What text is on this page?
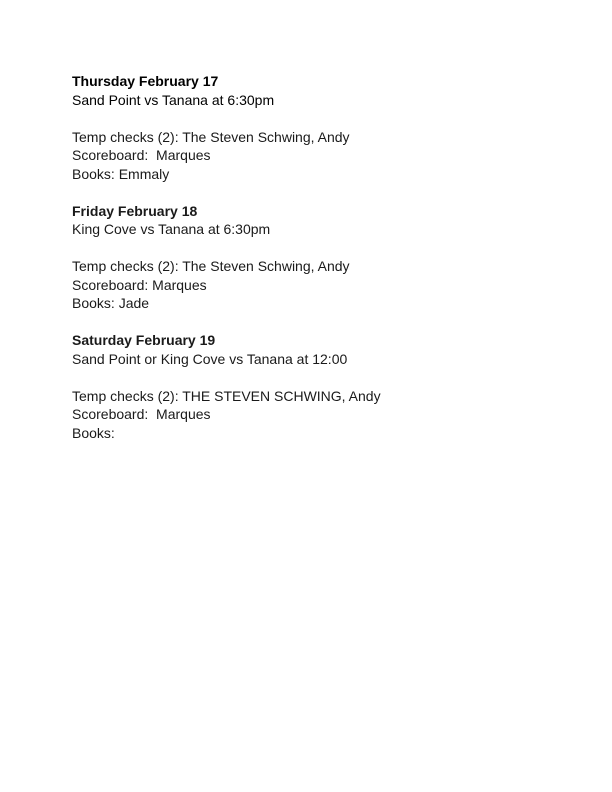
Thursday February 17
Sand Point vs Tanana at 6:30pm
Temp checks (2): The Steven Schwing, Andy
Scoreboard:  Marques
Books: Emmaly
Friday February 18
King Cove vs Tanana at 6:30pm
Temp checks (2): The Steven Schwing, Andy
Scoreboard: Marques
Books: Jade
Saturday February 19
Sand Point or King Cove vs Tanana at 12:00
Temp checks (2): THE STEVEN SCHWING, Andy
Scoreboard:  Marques
Books:
